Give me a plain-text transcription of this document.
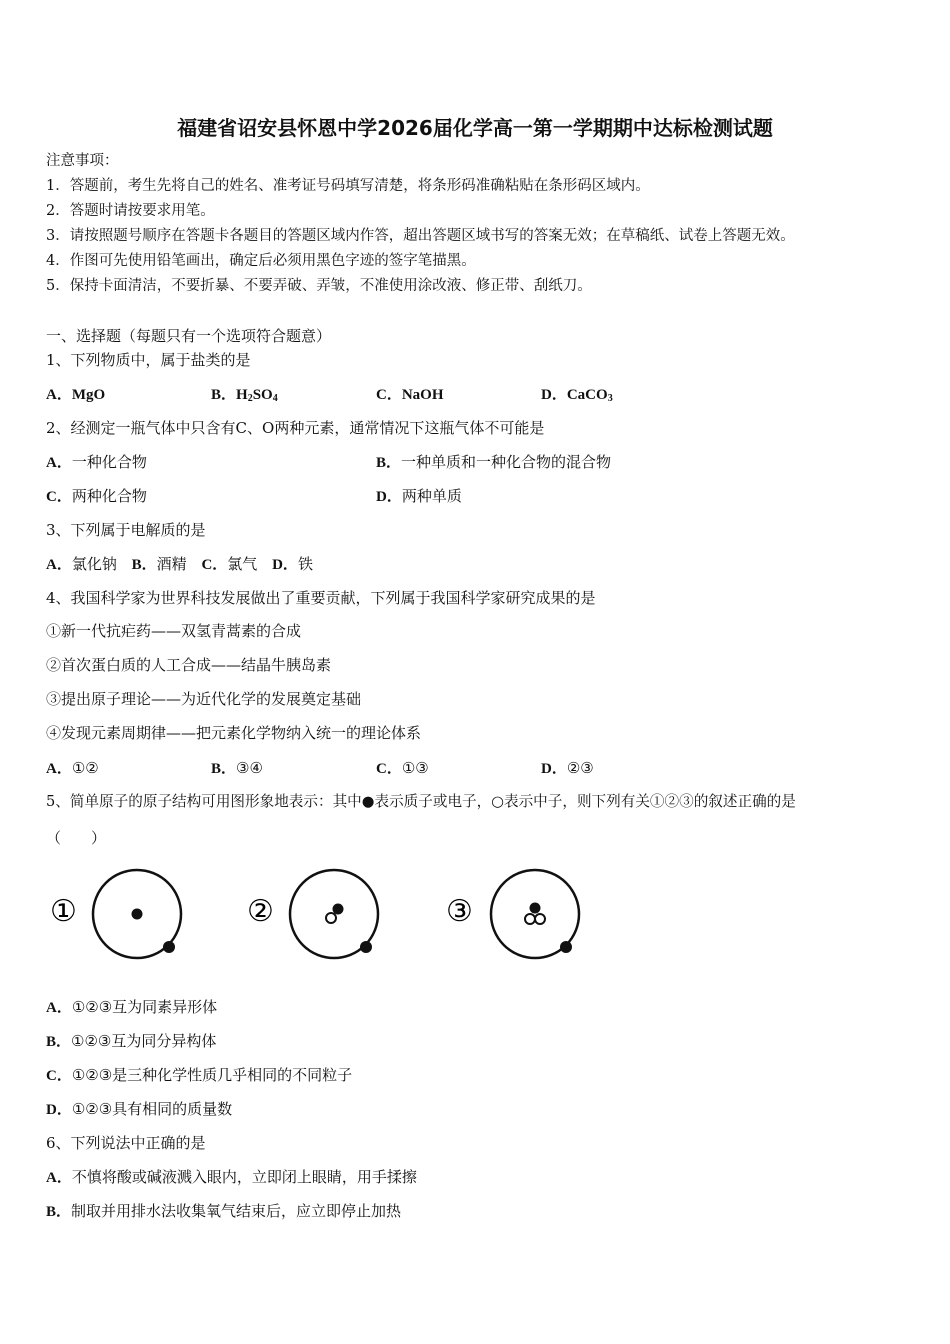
福建省诏安县怀恩中学2026届化学高一第一学期期中达标检测试题
注意事项：
1．答题前，考生先将自己的姓名、准考证号码填写清楚，将条形码准确粘贴在条形码区域内。
2．答题时请按要求用笔。
3．请按照题号顺序在答题卡各题目的答题区域内作答，超出答题区域书写的答案无效；在草稿纸、试卷上答题无效。
4．作图可先使用铅笔画出，确定后必须用黑色字迹的签字笔描黑。
5．保持卡面清洁，不要折暴、不要弄破、弄皱，不准使用涂改液、修正带、刮纸刀。
一、选择题（每题只有一个选项符合题意）
1、下列物质中，属于盐类的是
A．MgO	B．$H_2SO_4$	C．NaOH	D．CaCO$_3$
2、经测定一瓶气体中只含有C、O两种元素，通常情况下这瓶气体不可能是
A．一种化合物	B．一种单质和一种化合物的混合物
C．两种化合物	D．两种单质
3、下列属于电解质的是
A．氯化钠 B．酒精 C．氯气 D．铁
4、我国科学家为世界科技发展做出了重要贡献，下列属于我国科学家研究成果的是
①新一代抗疟药——双氢青蒿素的合成
②首次蛋白质的人工合成——结晶牛胰岛素
③提出原子理论——为近代化学的发展奠定基础
④发现元素周期律——把元素化学物纳入统一的理论体系
A．①②	B．③④	C．①③	D．②③
5、简单原子的原子结构可用图形象地表示：其中●表示质子或电子，○表示中子，则下列有关①②③的叙述正确的是
（　　）
①	②	③
A．①②③互为同素异形体
B．①②③互为同分异构体
C．①②③是三种化学性质几乎相同的不同粒子
D．①②③具有相同的质量数
6、下列说法中正确的是
A．不慎将酸或碱液溅入眼内，立即闭上眼睛，用手揉擦
B．制取并用排水法收集氧气结束后，应立即停止加热
